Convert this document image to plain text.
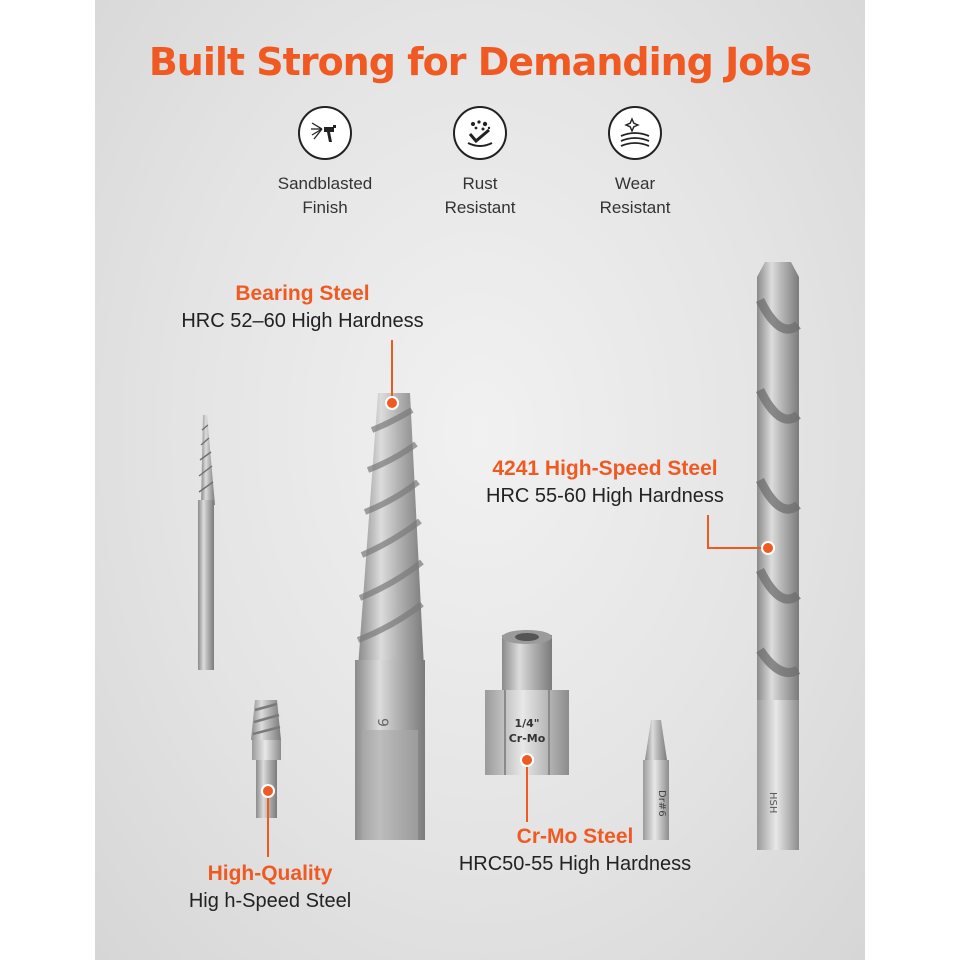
Built Strong for Demanding Jobs
Sandblasted
Finish
Rust
Resistant
Wear
Resistant
9	1/4"
Cr-Mo
Dr#6	HSH
Bearing Steel
HRC 52–60 High Hardness
4241 High-Speed Steel
HRC 55-60 High Hardness
Cr-Mo Steel
HRC50-55 High Hardness
High-Quality
Hig h-Speed Steel
